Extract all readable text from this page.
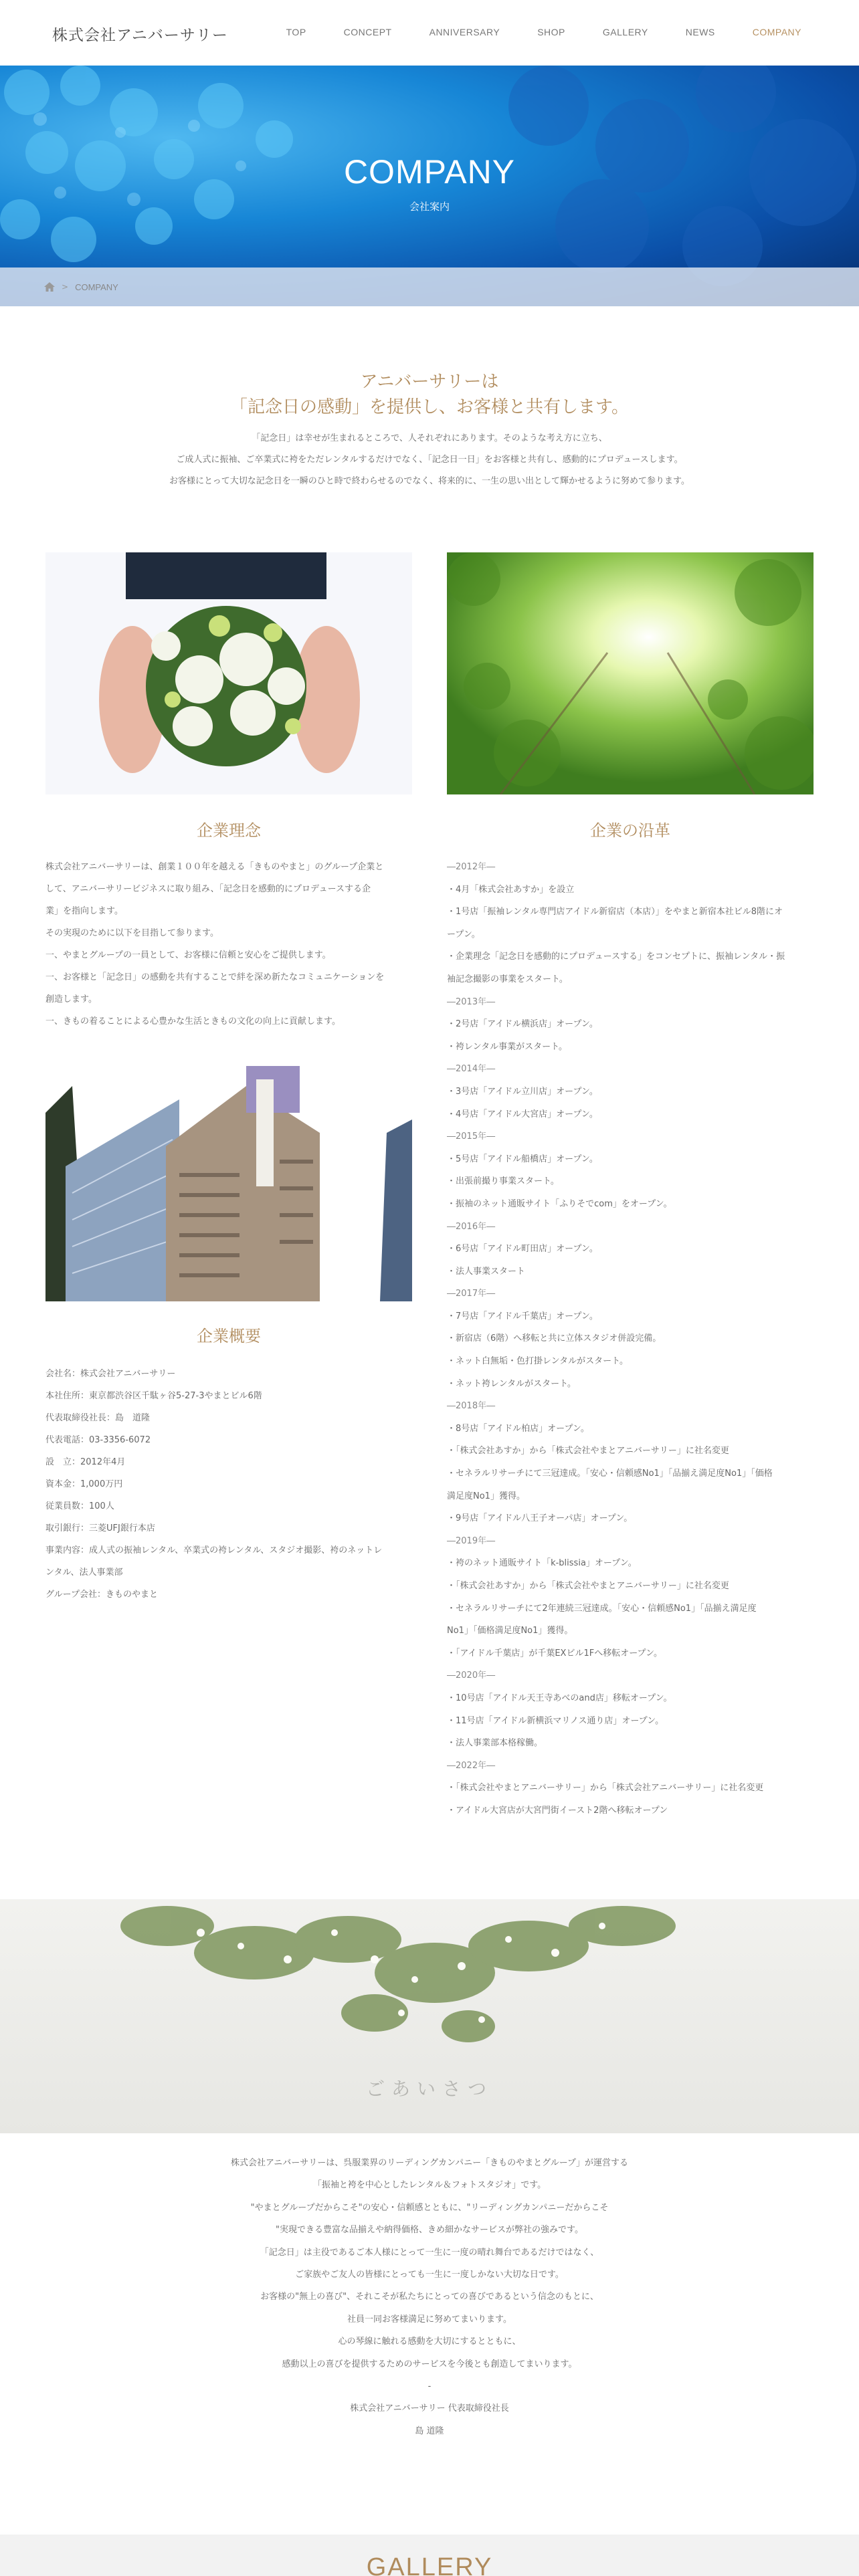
株式会社アニバーサリー	TOP	CONCEPT	ANNIVERSARY	SHOP	GALLERY	NEWS	COMPANY
COMPANY
会社案内
> COMPANY
アニバーサリーは
「記念日の感動」を提供し、お客様と共有します。
「記念日」は幸せが生まれるところで、人それぞれにあります。そのような考え方に立ち、
ご成人式に振袖、ご卒業式に袴をただレンタルするだけでなく、「記念日一日」をお客様と共有し、感動的にプロデュースします。
お客様にとって大切な記念日を一瞬のひと時で終わらせるのでなく、将来的に、一生の思い出として輝かせるように努めて参ります。
企業理念
株式会社アニバーサリーは、創業１００年を越える「きものやまと」のグループ企業と
して、アニバーサリービジネスに取り組み、「記念日を感動的にプロデュースする企
業」を指向します。
その実現のために以下を目指して参ります。
一、やまとグループの一員として、お客様に信頼と安心をご提供します。
一、お客様と「記念日」の感動を共有することで絆を深め新たなコミュニケーションを
創造します。
一、きもの着ることによる心豊かな生活ときもの文化の向上に貢献します。
企業概要
会社名：株式会社アニバーサリー
本社住所：東京都渋谷区千駄ヶ谷5-27-3やまとビル6階
代表取締役社長：島　道隆
代表電話：03-3356-6072
設　立：2012年4月
資本金：1,000万円
従業員数：100人
取引銀行：三菱UFJ銀行本店
事業内容：成人式の振袖レンタル、卒業式の袴レンタル、スタジオ撮影、袴のネットレ
ンタル、法人事業部
グループ会社：きものやまと
企業の沿革
―2012年―
・4月「株式会社あすか」を設立
・1号店「振袖レンタル専門店アイドル新宿店（本店）」をやまと新宿本社ビル8階にオ
ープン。
・企業理念「記念日を感動的にプロデュースする」をコンセプトに、振袖レンタル・振
袖記念撮影の事業をスタート。
―2013年―
・2号店「アイドル横浜店」オープン。
・袴レンタル事業がスタート。
―2014年―
・3号店「アイドル立川店」オープン。
・4号店「アイドル大宮店」オープン。
―2015年―
・5号店「アイドル船橋店」オープン。
・出張前撮り事業スタート。
・振袖のネット通販サイト「ふりそでcom」をオープン。
―2016年―
・6号店「アイドル町田店」オープン。
・法人事業スタート
―2017年―
・7号店「アイドル千葉店」オープン。
・新宿店（6階）へ移転と共に立体スタジオ併設完備。
・ネット白無垢・色打掛レンタルがスタート。
・ネット袴レンタルがスタート。
―2018年―
・8号店「アイドル柏店」オープン。
・「株式会社あすか」から「株式会社やまとアニバーサリー」に社名変更
・セネラルリサーチにて三冠達成。「安心・信頼感No1」「品揃え満足度No1」「価格
満足度No1」獲得。
・9号店「アイドル八王子オーパ店」オープン。
―2019年―
・袴のネット通販サイト「k-blissia」オープン。
・「株式会社あすか」から「株式会社やまとアニバーサリー」に社名変更
・セネラルリサーチにて2年連続三冠達成。「安心・信頼感No1」「品揃え満足度
No1」「価格満足度No1」獲得。
・「アイドル千葉店」が千葉EXビル1Fへ移転オープン。
―2020年―
・10号店「アイドル天王寺あべのand店」移転オープン。
・11号店「アイドル新横浜マリノス通り店」オープン。
・法人事業部本格稼働。
―2022年―
・「株式会社やまとアニバーサリー」から「株式会社アニバーサリー」に社名変更
・アイドル大宮店が大宮門街イースト2階へ移転オープン
ごあいさつ
株式会社アニバーサリーは、呉服業界のリーディングカンパニー「きものやまとグループ」が運営する
「振袖と袴を中心としたレンタル＆フォトスタジオ」です。
"やまとグループだからこそ"の安心・信頼感とともに、"リーディングカンパニーだからこそ
"実現できる豊富な品揃えや納得価格、きめ細かなサービスが弊社の強みです。
「記念日」は主役であるご本人様にとって一生に一度の晴れ舞台であるだけではなく、
ご家族やご友人の皆様にとっても一生に一度しかない大切な日です。
お客様の"無上の喜び"、それこそが私たちにとっての喜びであるという信念のもとに、
社員一同お客様満足に努めてまいります。
心の琴線に触れる感動を大切にするとともに、
感動以上の喜びを提供するためのサービスを今後とも創造してまいります。
-
株式会社アニバーサリー 代表取締役社長
島 道隆
GALLERY
